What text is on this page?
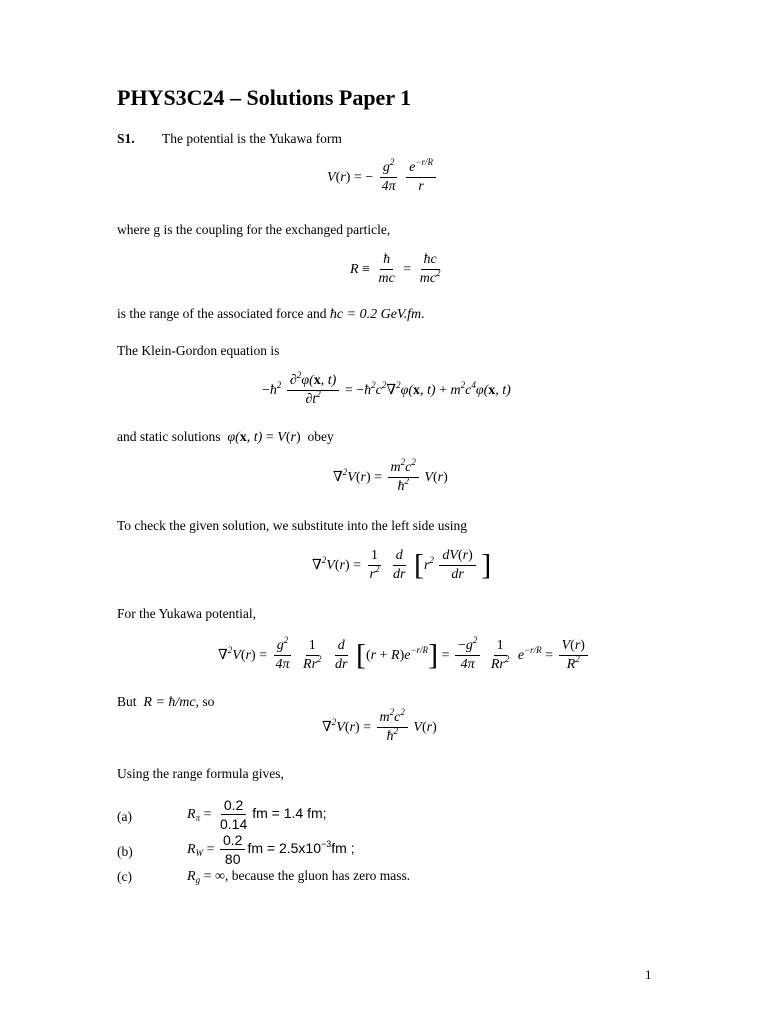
PHYS3C24 – Solutions Paper 1
S1. The potential is the Yukawa form
V(r) = − $\frac{g^2}{4\pi}$
$\frac{e^{-r/R}}{r}$
where g is the coupling for the exchanged particle,
$R \equiv \frac{ħ}{mc} = \frac{ħc}{mc^2}$
is the range of the associated force and ħc = 0.2 GeV.fm.
The Klein-Gordon equation is
$-ħ^2 \frac{\partial^2\varphi(x, t)}{\partial t^2}$ = $-ħ^2c^2\nabla^2\varphi(x$, $t) + m^2c^4\varphi(x$, t)
and static solutions  φ(x, t) = V(r) obey
$\nabla^2V(r) = \frac{m^2c^2}{ħ^2} V(r)$
To check the given solution, we substitute into the left side using
$\nabla^2V(r) = \frac{1}{r^2}$
$\frac{d}{dr} [r^2 \frac{dV(r)}{dr}$ ]
For the Yukawa potential,
$\nabla^2V(r) = \frac{g^2}{4\pi}$
$\frac{1}{Rr^2}$
$\frac{d}{dr} [(r + R)e^{-r/R}] = \frac{-g^2}{4\pi}$
$\frac{1}{Rr^2} e^{-r/R} = \frac{V(r)}{R^2}$
But R = ħ/mc, so
$\nabla^2V(r) = \frac{m^2c^2}{ħ^2} V(r)$
Using the range formula gives,
(a)	$R_\pi = \frac{0.2}{0.14}$ fm = 1.4 fm;
(b)	$R_W = \frac{0.2}{80}$ fm = $2.5x10^{-3}fm$ ;
(c)	$R_g$ = ∞, because the gluon has zero mass.
1
